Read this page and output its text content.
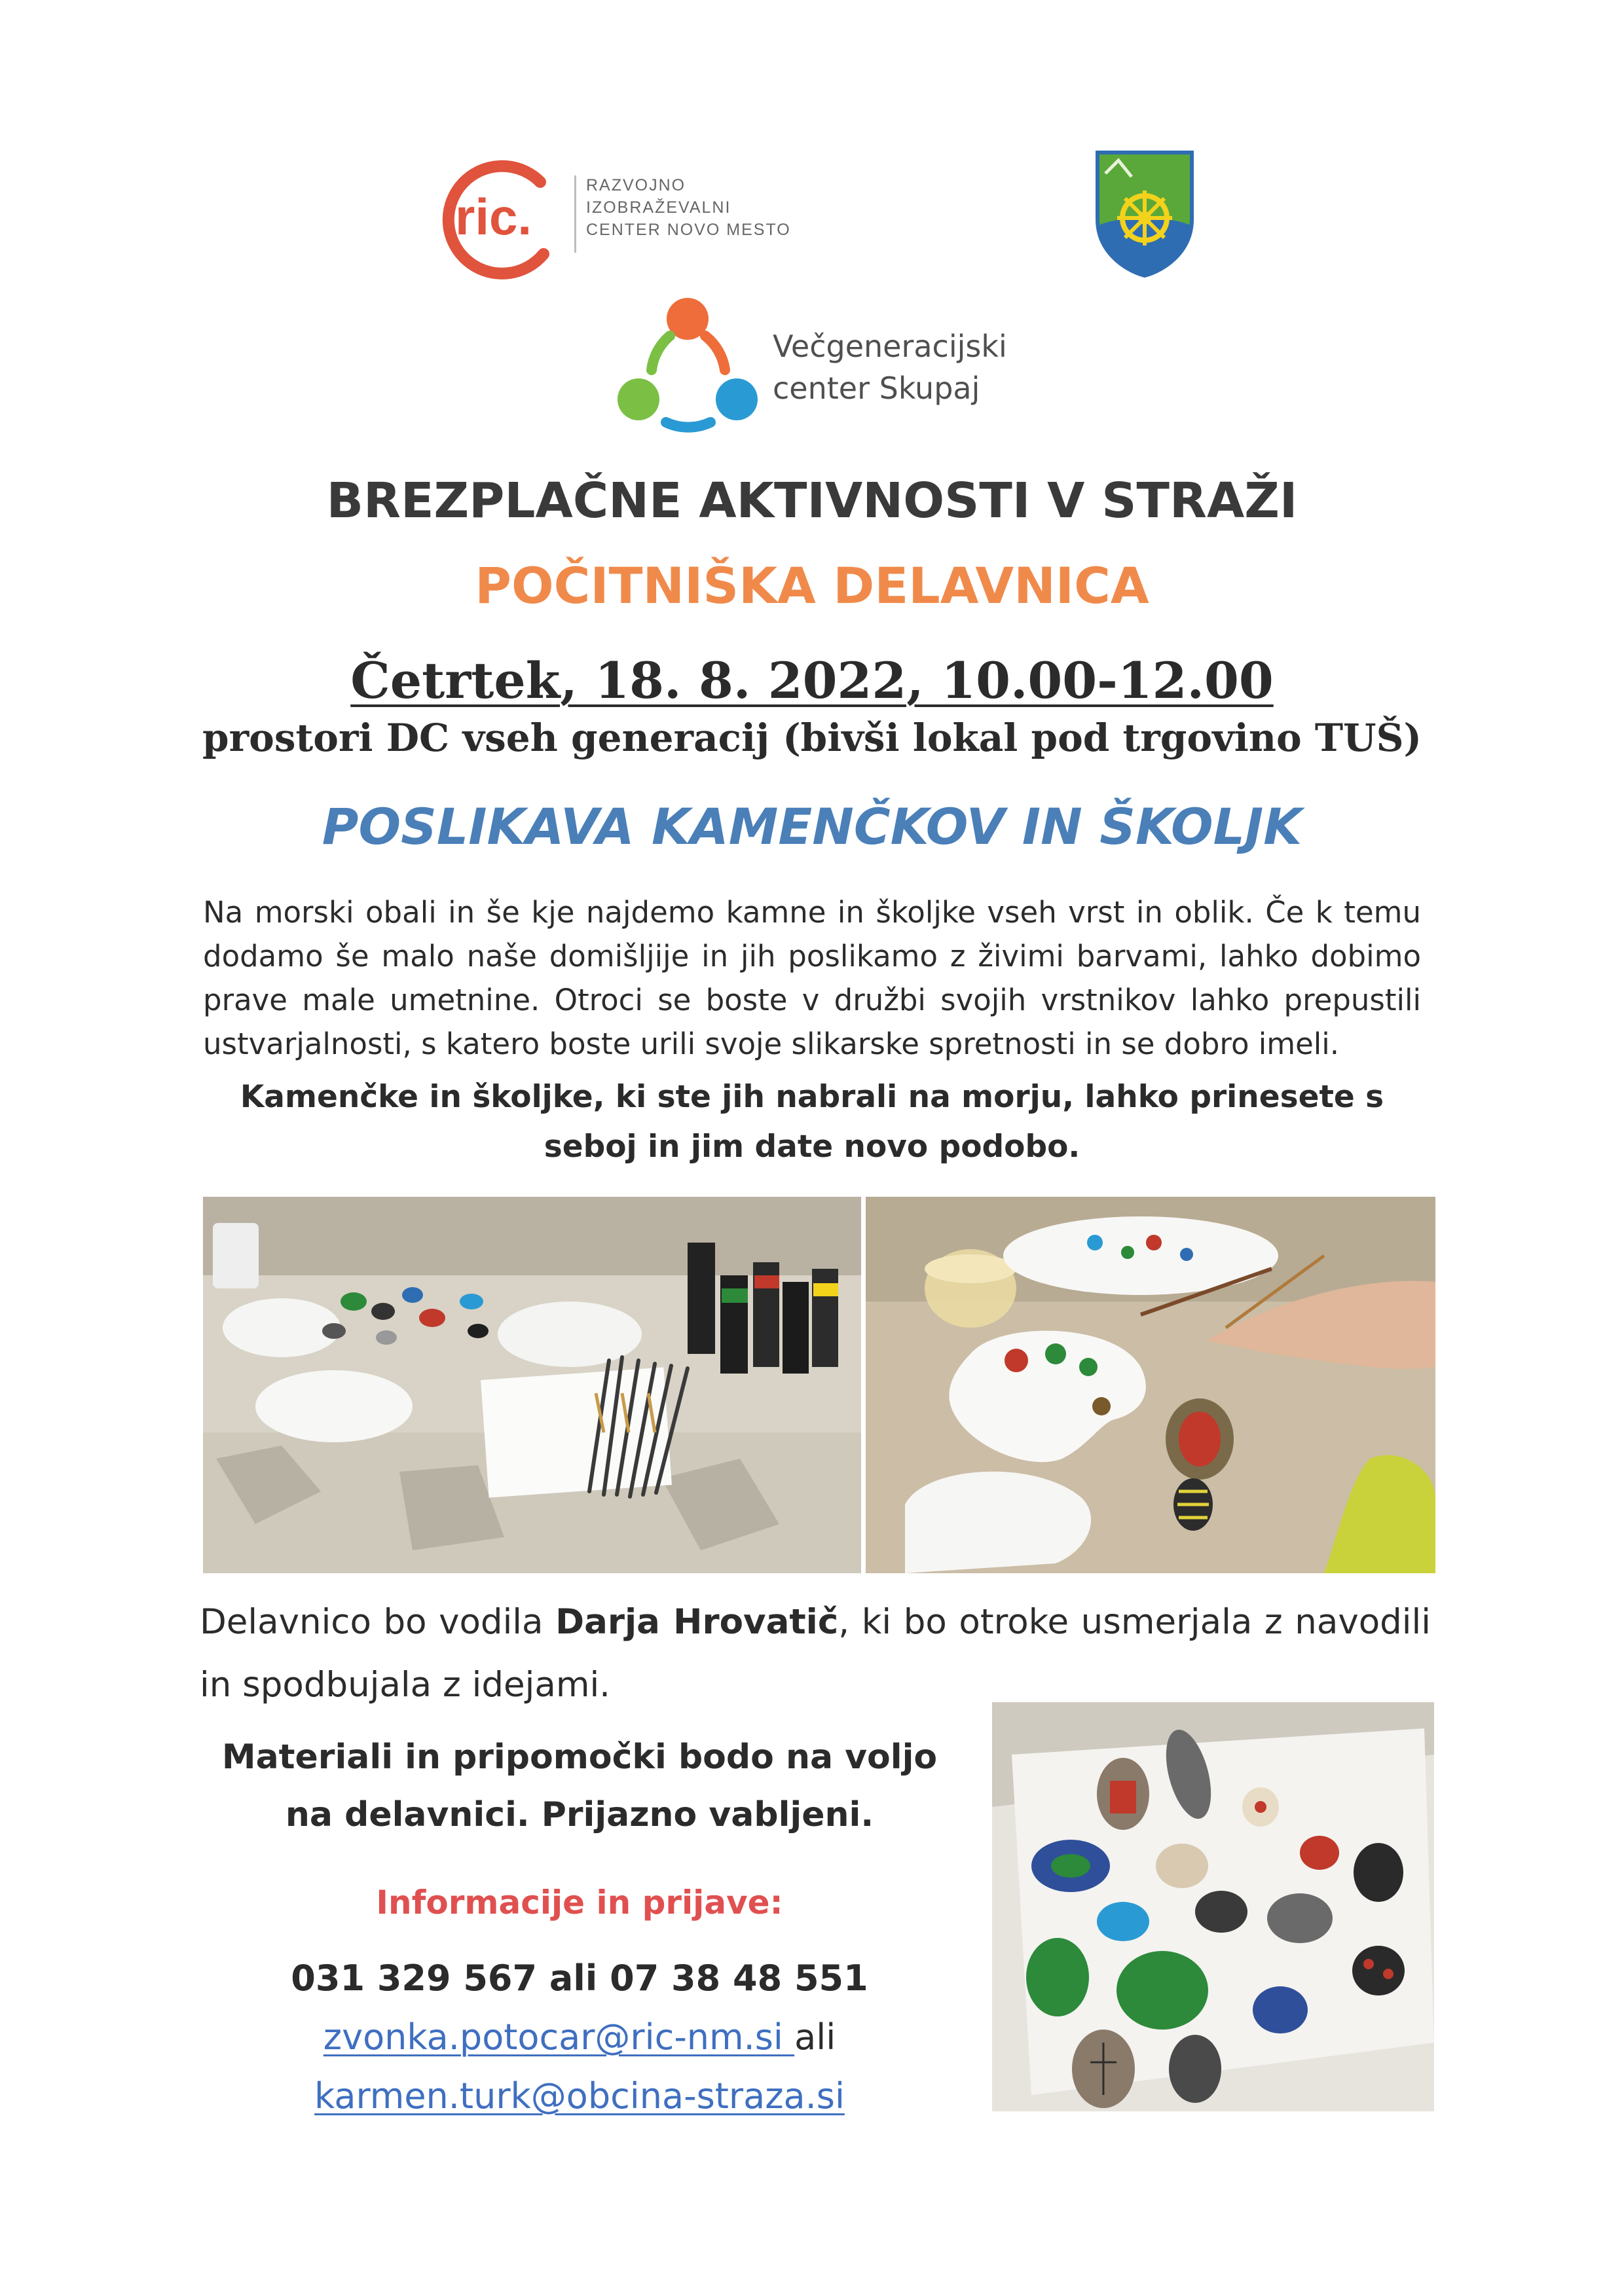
ric.
RAZVOJNO
IZOBRAŽEVALNI
CENTER NOVO MESTO
Večgeneracijski
center Skupaj
BREZPLAČNE AKTIVNOSTI V STRAŽI
POČITNIŠKA DELAVNICA
Četrtek, 18. 8. 2022, 10.00-12.00
prostori DC vseh generacij (bivši lokal pod trgovino TUŠ)
POSLIKAVA KAMENČKOV IN ŠKOLJK
Na morski obali in še kje najdemo kamne in školjke vseh vrst in oblik. Če k temu dodamo še malo naše domišljije in jih poslikamo z živimi barvami, lahko dobimo prave male umetnine. Otroci se boste v družbi svojih vrstnikov lahko prepustili ustvarjalnosti, s katero boste urili svoje slikarske spretnosti in se dobro imeli.
Kamenčke in školjke, ki ste jih nabrali na morju, lahko prinesete s seboj in jim date novo podobo.
Delavnico bo vodila Darja Hrovatič, ki bo otroke usmerjala z navodili in spodbujala z idejami.
Materiali in pripomočki bodo na voljo na delavnici. Prijazno vabljeni.
Informacije in prijave:
031 329 567 ali 07 38 48 551
zvonka.potocar@ric-nm.si ali
karmen.turk@obcina-straza.si
